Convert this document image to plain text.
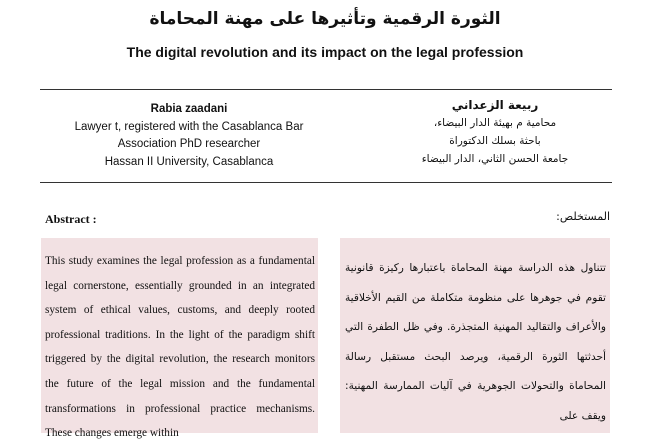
الثورة الرقمية وتأثيرها على مهنة المحاماة
The digital revolution and its impact on the legal profession
Rabia zaadani
Lawyer t, registered with the Casablanca Bar
Association PhD researcher
Hassan II University, Casablanca
ربيعة الزعداني
محامية م بهيئة الدار البيضاء،
باحثة بسلك الدكتوراة
جامعة الحسن الثاني، الدار البيضاء
Abstract :	المستخلص:

This study examines the legal profession as a fundamental legal cornerstone, essentially grounded in an integrated system of ethical values, customs, and deeply rooted professional traditions. In the light of the paradigm shift triggered by the digital revolution, the research monitors the future of the legal mission and the fundamental transformations in professional practice mechanisms. These changes emerge within

تتناول هذه الدراسة مهنة المحاماة باعتبارها ركيزة قانونية تقوم في جوهرها على منظومة متكاملة من القيم الأخلاقية والأعراف والتقاليد المهنية المتجذرة. وفي ظل الطفرة التي أحدثتها الثورة الرقمية، ويرصد البحث مستقبل رسالة المحاماة والتحولات الجوهرية في آليات الممارسة المهنية: ويقف على
